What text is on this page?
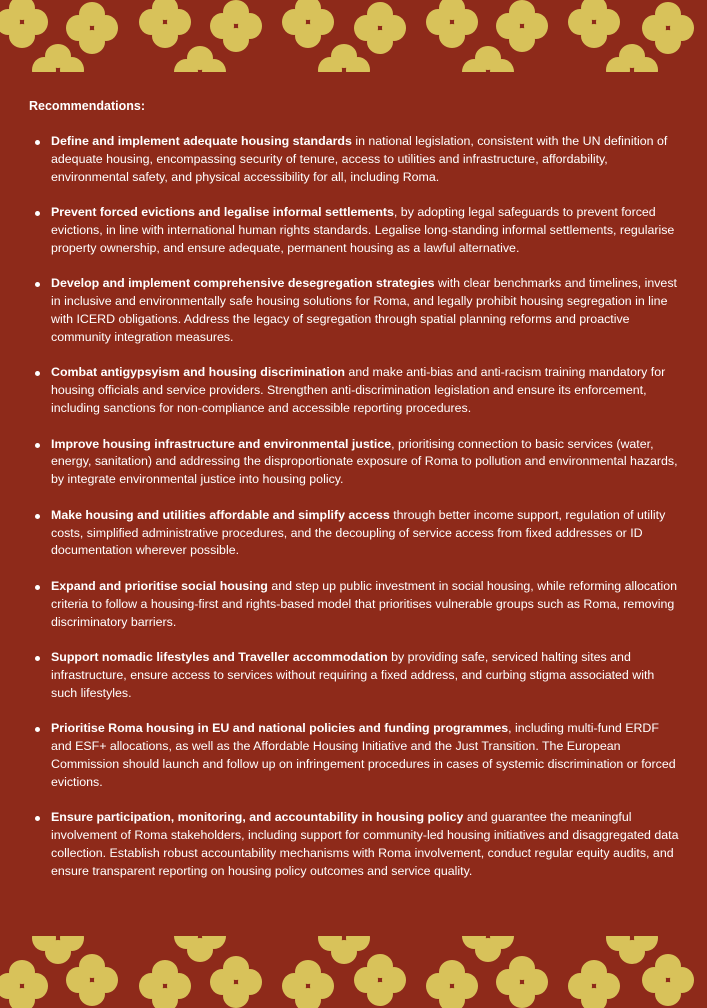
Recommendations:
Define and implement adequate housing standards in national legislation, consistent with the UN definition of adequate housing, encompassing security of tenure, access to utilities and infrastructure, affordability, environmental safety, and physical accessibility for all, including Roma.
Prevent forced evictions and legalise informal settlements, by adopting legal safeguards to prevent forced evictions, in line with international human rights standards. Legalise long-standing informal settlements, regularise property ownership, and ensure adequate, permanent housing as a lawful alternative.
Develop and implement comprehensive desegregation strategies with clear benchmarks and timelines, invest in inclusive and environmentally safe housing solutions for Roma, and legally prohibit housing segregation in line with ICERD obligations. Address the legacy of segregation through spatial planning reforms and proactive community integration measures.
Combat antigypsyism and housing discrimination and make anti-bias and anti-racism training mandatory for housing officials and service providers. Strengthen anti-discrimination legislation and ensure its enforcement, including sanctions for non-compliance and accessible reporting procedures.
Improve housing infrastructure and environmental justice, prioritising connection to basic services (water, energy, sanitation) and addressing the disproportionate exposure of Roma to pollution and environmental hazards, by integrate environmental justice into housing policy.
Make housing and utilities affordable and simplify access through better income support, regulation of utility costs, simplified administrative procedures, and the decoupling of service access from fixed addresses or ID documentation wherever possible.
Expand and prioritise social housing and step up public investment in social housing, while reforming allocation criteria to follow a housing-first and rights-based model that prioritises vulnerable groups such as Roma, removing discriminatory barriers.
Support nomadic lifestyles and Traveller accommodation by providing safe, serviced halting sites and infrastructure, ensure access to services without requiring a fixed address, and curbing stigma associated with such lifestyles.
Prioritise Roma housing in EU and national policies and funding programmes, including multi-fund ERDF and ESF+ allocations, as well as the Affordable Housing Initiative and the Just Transition. The European Commission should launch and follow up on infringement procedures in cases of systemic discrimination or forced evictions.
Ensure participation, monitoring, and accountability in housing policy and guarantee the meaningful involvement of Roma stakeholders, including support for community-led housing initiatives and disaggregated data collection. Establish robust accountability mechanisms with Roma involvement, conduct regular equity audits, and ensure transparent reporting on housing policy outcomes and service quality.
